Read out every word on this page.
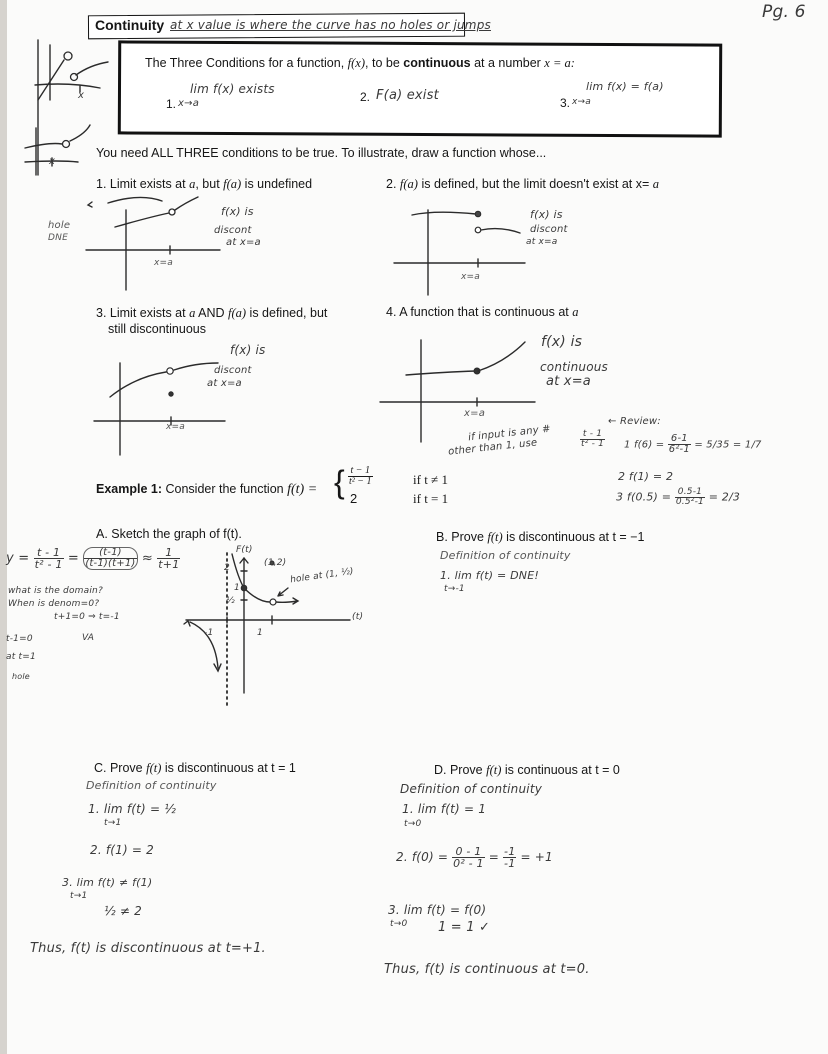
Pg. 6
Continuity at x value is where the curve has no holes or jumps
x
x
The Three Conditions for a function, f(x), to be continuous at a number x = a:
lim f(x) exists
1. x→a	2. F(a) exist
lim f(x) = f(a)
3. x→a
You need ALL THREE conditions to be true. To illustrate, draw a function whose...
1. Limit exists at a, but f(a) is undefined
f(x) is
discont
at x=a
hole
DNE
x=a
2. f(a) is defined, but the limit doesn't exist at x= a
f(x) is
discont
at x=a
x=a
3. Limit exists at a AND f(a) is defined, but
still discontinuous
f(x) is
discont
at x=a
x=a
4. A function that is continuous at a
f(x) is
continuous
at x=a
x=a
if input is any #
other than 1, use	$\frac{t - 1}{\text{t² - 1}}$
← Review:
1 $f(6) = \frac{6-1}{\text{6²-1}} = 5/35 = 1/7$
2 f(1) = 2
3 $f(0.5) = \frac{0.5-1}{\text{0.5²-1}} = 2/3$
Example 1: Consider the function f(t) = { $\frac{t - 1}{\text{t² − 1}}$
2
if t ≠ 1
if t = 1
A. Sketch the graph of f(t).
$y = \frac{t - 1}{\text{t² - 1}} = \frac{(t-1)}{(t-1)(t+1)} \approx \frac{1}{t+1}$
what is the domain?
When is denom=0?
t+1=0 ⇒ t=-1
VA
t-1=0
at t=1
hole
F(t)
2
1
½
-1	1
(t)
(1,2)
hole at (1, ½)
B. Prove f(t) is discontinuous at t = −1
Definition of continuity
1. lim f(t) = DNE!
t→-1
C. Prove f(t) is discontinuous at t = 1
Definition of continuity
1. lim f(t) = ½
t→1
2. f(1) = 2
3. lim f(t) ≠ f(1)
t→1
½ ≠ 2
Thus, f(t) is discontinuous at t=+1.
D. Prove f(t) is continuous at t = 0
Definition of continuity
1. lim f(t) = 1
t→0
2. $f(0) = \frac{0 - 1}{\text{0² - 1}} = \frac{-1}{-1} = +1$
3. lim f(t) = f(0)
t→0 1 = 1 ✓
Thus, f(t) is continuous at t=0.
